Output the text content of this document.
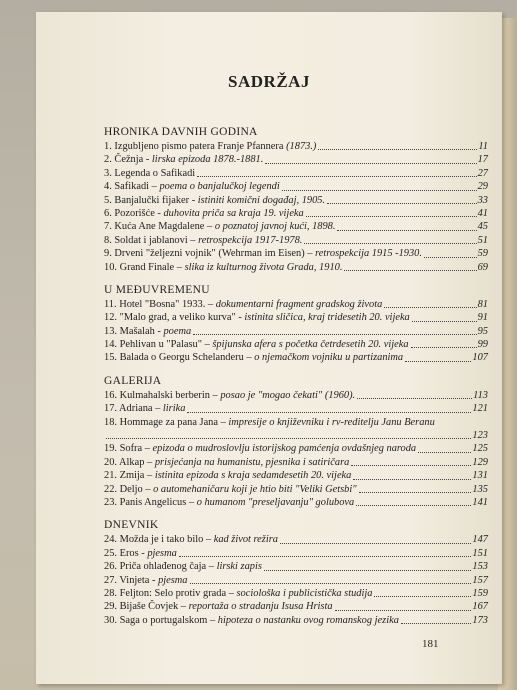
SADRŽAJ
HRONIKA DAVNIH GODINA
1. Izgubljeno pismo patera Franje Pfannera (1873.)	11
2. Čežnja - lirska epizoda 1878.-1881.	17
3. Legenda o Safikadi	27
4. Safikadi – poema o banjalučkoj legendi	29
5. Banjalučki fijaker - istiniti komični događaj, 1905.	33
6. Pozorišće - duhovita priča sa kraja 19. vijeka	41
7. Kuća Ane Magdalene – o poznatoj javnoj kući, 1898.	45
8. Soldat i jablanovi – retrospekcija 1917-1978.	51
9. Drveni "željezni vojnik" (Wehrman im Eisen) – retrospekcija 1915 -1930.	59
10. Grand Finale – slika iz kulturnog života Grada, 1910.	69
U MEĐUVREMENU
11. Hotel "Bosna" 1933. – dokumentarni fragment gradskog života	81
12. "Malo grad, a veliko kurva" - istinita sličica, kraj tridesetih 20. vijeka	91
13. Mašalah - poema	95
14. Pehlivan u "Palasu" – špijunska afera s početka četrdesetih 20. vijeka	99
15. Balada o Georgu Schelanderu – o njemačkom vojniku u partizanima	107
GALERIJA
16. Kulmahalski berberin – posao je "mogao čekati" (1960).	113
17. Adriana – lirika	121
18. Hommage za pana Jana – impresije o književniku i rv-reditelju Janu Beranu
123
19. Sofra – epizoda o mudroslovlju istorijskog pamćenja ovdašnjeg naroda	125
20. Alkap – prisjećanja na humanistu, pjesnika i satiričara	129
21. Zmija – istinita epizoda s kraja sedamdesetih 20. vijeka	131
22. Deljo – o automehaničaru koji je htio biti "Veliki Getsbi"	135
23. Panis Angelicus – o humanom "preseljavanju" golubova	141
DNEVNIK
24. Možda je i tako bilo – kad život režira	147
25. Eros - pjesma	151
26. Priča ohlađenog čaja – lirski zapis	153
27. Vinjeta - pjesma	157
28. Feljton: Selo protiv grada – sociološka i publicistička studija	159
29. Bijaše Čovjek – reportaža o stradanju Isusa Hrista	167
30. Saga o portugalskom – hipoteza o nastanku ovog romanskog jezika	173
181
